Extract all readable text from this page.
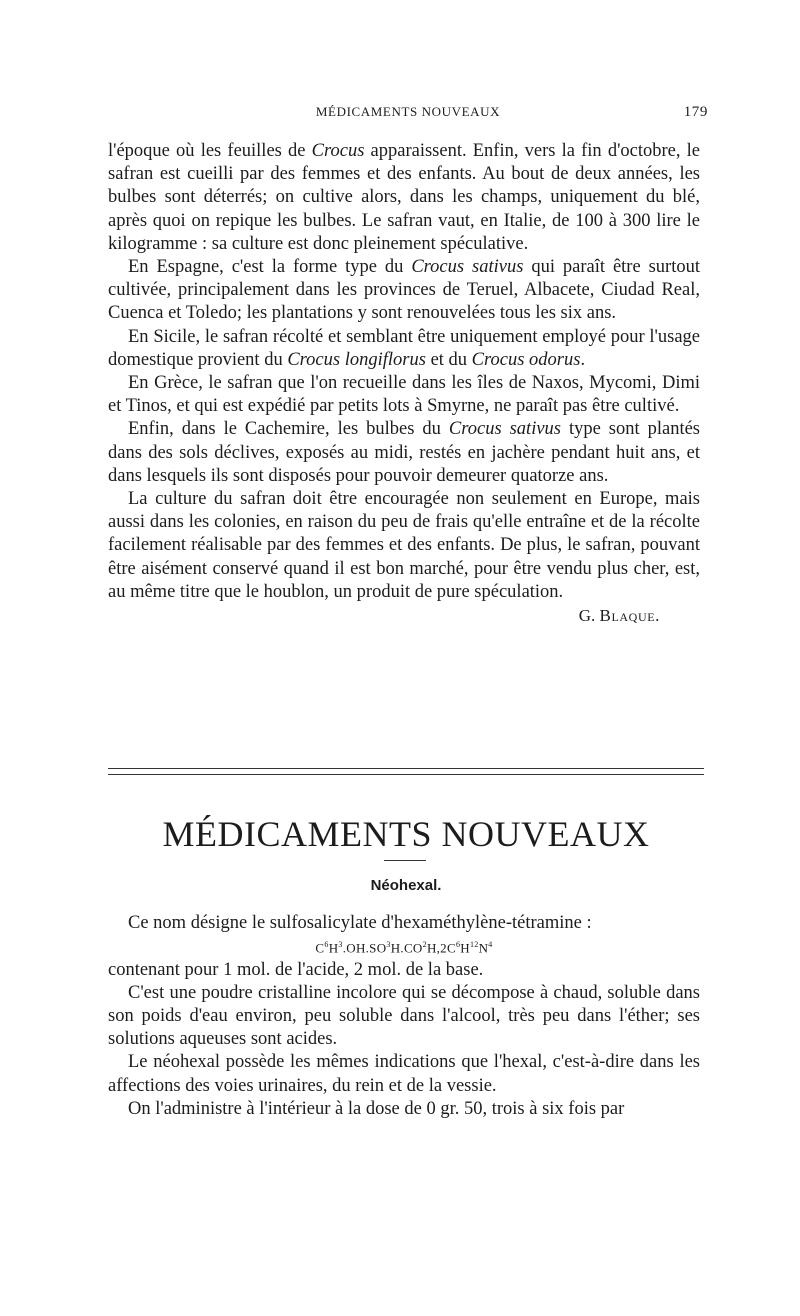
MÉDICAMENTS NOUVEAUX	179

l'époque où les feuilles de Crocus apparaissent. Enfin, vers la fin d'octobre, le safran est cueilli par des femmes et des enfants. Au bout de deux années, les bulbes sont déterrés; on cultive alors, dans les champs, uniquement du blé, après quoi on repique les bulbes. Le safran vaut, en Italie, de 100 à 300 lire le kilogramme : sa culture est donc pleinement spéculative.

En Espagne, c'est la forme type du Crocus sativus qui paraît être surtout cultivée, principalement dans les provinces de Teruel, Albacete, Ciudad Real, Cuenca et Toledo; les plantations y sont renouvelées tous les six ans.

En Sicile, le safran récolté et semblant être uniquement employé pour l'usage domestique provient du Crocus longiflorus et du Crocus odorus.

En Grèce, le safran que l'on recueille dans les îles de Naxos, Mycomi, Dimi et Tinos, et qui est expédié par petits lots à Smyrne, ne paraît pas être cultivé.

Enfin, dans le Cachemire, les bulbes du Crocus sativus type sont plantés dans des sols déclives, exposés au midi, restés en jachère pendant huit ans, et dans lesquels ils sont disposés pour pouvoir demeurer quatorze ans.

La culture du safran doit être encouragée non seulement en Europe, mais aussi dans les colonies, en raison du peu de frais qu'elle entraîne et de la récolte facilement réalisable par des femmes et des enfants. De plus, le safran, pouvant être aisément conservé quand il est bon marché, pour être vendu plus cher, est, au même titre que le houblon, un produit de pure spéculation.

G. Blaque.
MÉDICAMENTS NOUVEAUX
Néohexal.

Ce nom désigne le sulfosalicylate d'hexaméthylène-tétramine :

$C^6H^3.OH.SO^3H.CO^2H,2C^6H^{12}N^4$

contenant pour 1 mol. de l'acide, 2 mol. de la base.

C'est une poudre cristalline incolore qui se décompose à chaud, soluble dans son poids d'eau environ, peu soluble dans l'alcool, très peu dans l'éther; ses solutions aqueuses sont acides.

Le néohexal possède les mêmes indications que l'hexal, c'est-à-dire dans les affections des voies urinaires, du rein et de la vessie.

On l'administre à l'intérieur à la dose de 0 gr. 50, trois à six fois par
